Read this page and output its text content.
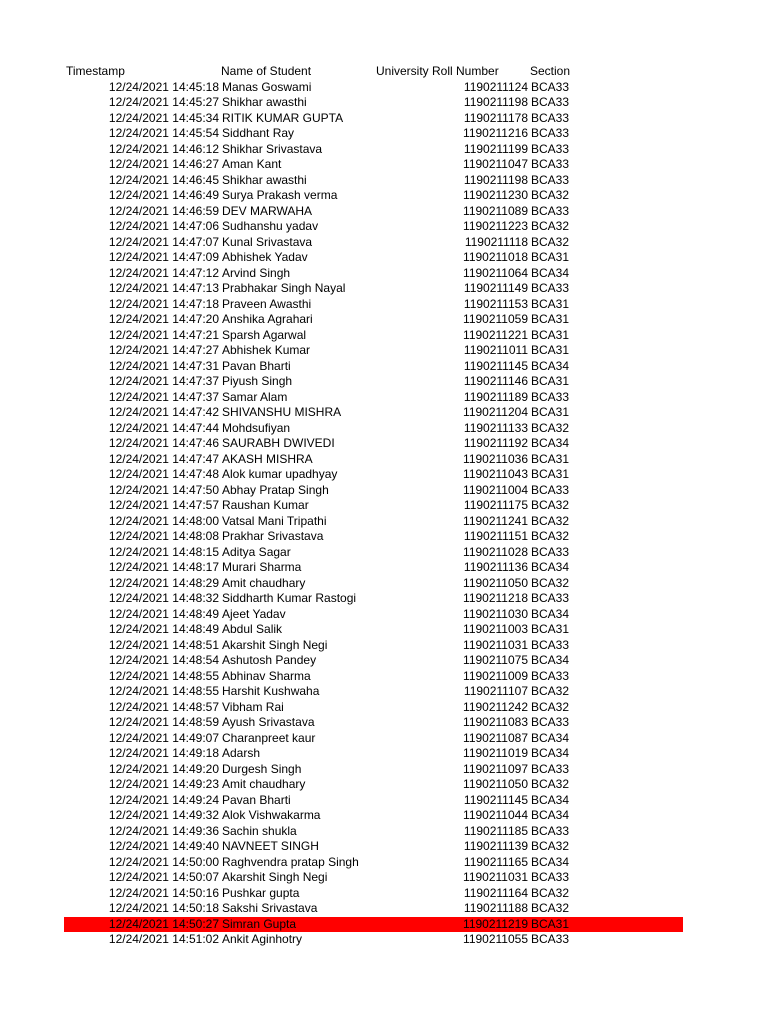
Timestamp	Name of Student	University Roll Number	Section
12/24/2021 14:45:18 Manas Goswami	1190211124 BCA33
12/24/2021 14:45:27 Shikhar awasthi	1190211198 BCA33
12/24/2021 14:45:34 RITIK KUMAR GUPTA	1190211178 BCA33
12/24/2021 14:45:54 Siddhant Ray	1190211216 BCA33
12/24/2021 14:46:12 Shikhar Srivastava	1190211199 BCA33
12/24/2021 14:46:27 Aman Kant	1190211047 BCA33
12/24/2021 14:46:45 Shikhar awasthi	1190211198 BCA33
12/24/2021 14:46:49 Surya Prakash verma	1190211230 BCA32
12/24/2021 14:46:59 DEV MARWAHA	1190211089 BCA33
12/24/2021 14:47:06 Sudhanshu yadav	1190211223 BCA32
12/24/2021 14:47:07 Kunal Srivastava	1190211118 BCA32
12/24/2021 14:47:09 Abhishek Yadav	1190211018 BCA31
12/24/2021 14:47:12 Arvind Singh	1190211064 BCA34
12/24/2021 14:47:13 Prabhakar Singh Nayal	1190211149 BCA33
12/24/2021 14:47:18 Praveen Awasthi	1190211153 BCA31
12/24/2021 14:47:20 Anshika Agrahari	1190211059 BCA31
12/24/2021 14:47:21 Sparsh Agarwal	1190211221 BCA31
12/24/2021 14:47:27 Abhishek Kumar	1190211011 BCA31
12/24/2021 14:47:31 Pavan Bharti	1190211145 BCA34
12/24/2021 14:47:37 Piyush Singh	1190211146 BCA31
12/24/2021 14:47:37 Samar Alam	1190211189 BCA33
12/24/2021 14:47:42 SHIVANSHU MISHRA	1190211204 BCA31
12/24/2021 14:47:44 Mohdsufiyan	1190211133 BCA32
12/24/2021 14:47:46 SAURABH DWIVEDI	1190211192 BCA34
12/24/2021 14:47:47 AKASH MISHRA	1190211036 BCA31
12/24/2021 14:47:48 Alok kumar upadhyay	1190211043 BCA31
12/24/2021 14:47:50 Abhay Pratap Singh	1190211004 BCA33
12/24/2021 14:47:57 Raushan Kumar	1190211175 BCA32
12/24/2021 14:48:00 Vatsal Mani Tripathi	1190211241 BCA32
12/24/2021 14:48:08 Prakhar Srivastava	1190211151 BCA32
12/24/2021 14:48:15 Aditya Sagar	1190211028 BCA33
12/24/2021 14:48:17 Murari Sharma	1190211136 BCA34
12/24/2021 14:48:29 Amit chaudhary	1190211050 BCA32
12/24/2021 14:48:32 Siddharth Kumar Rastogi	1190211218 BCA33
12/24/2021 14:48:49 Ajeet Yadav	1190211030 BCA34
12/24/2021 14:48:49 Abdul Salik	1190211003 BCA31
12/24/2021 14:48:51 Akarshit Singh Negi	1190211031 BCA33
12/24/2021 14:48:54 Ashutosh Pandey	1190211075 BCA34
12/24/2021 14:48:55 Abhinav Sharma	1190211009 BCA33
12/24/2021 14:48:55 Harshit Kushwaha	1190211107 BCA32
12/24/2021 14:48:57 Vibham Rai	1190211242 BCA32
12/24/2021 14:48:59 Ayush Srivastava	1190211083 BCA33
12/24/2021 14:49:07 Charanpreet kaur	1190211087 BCA34
12/24/2021 14:49:18 Adarsh	1190211019 BCA34
12/24/2021 14:49:20 Durgesh Singh	1190211097 BCA33
12/24/2021 14:49:23 Amit chaudhary	1190211050 BCA32
12/24/2021 14:49:24 Pavan Bharti	1190211145 BCA34
12/24/2021 14:49:32 Alok Vishwakarma	1190211044 BCA34
12/24/2021 14:49:36 Sachin shukla	1190211185 BCA33
12/24/2021 14:49:40 NAVNEET SINGH	1190211139 BCA32
12/24/2021 14:50:00 Raghvendra pratap Singh	1190211165 BCA34
12/24/2021 14:50:07 Akarshit Singh Negi	1190211031 BCA33
12/24/2021 14:50:16 Pushkar gupta	1190211164 BCA32
12/24/2021 14:50:18 Sakshi Srivastava	1190211188 BCA32
12/24/2021 14:50:27 Simran Gupta	1190211219 BCA31
12/24/2021 14:51:02 Ankit Aginhotry	1190211055 BCA33
